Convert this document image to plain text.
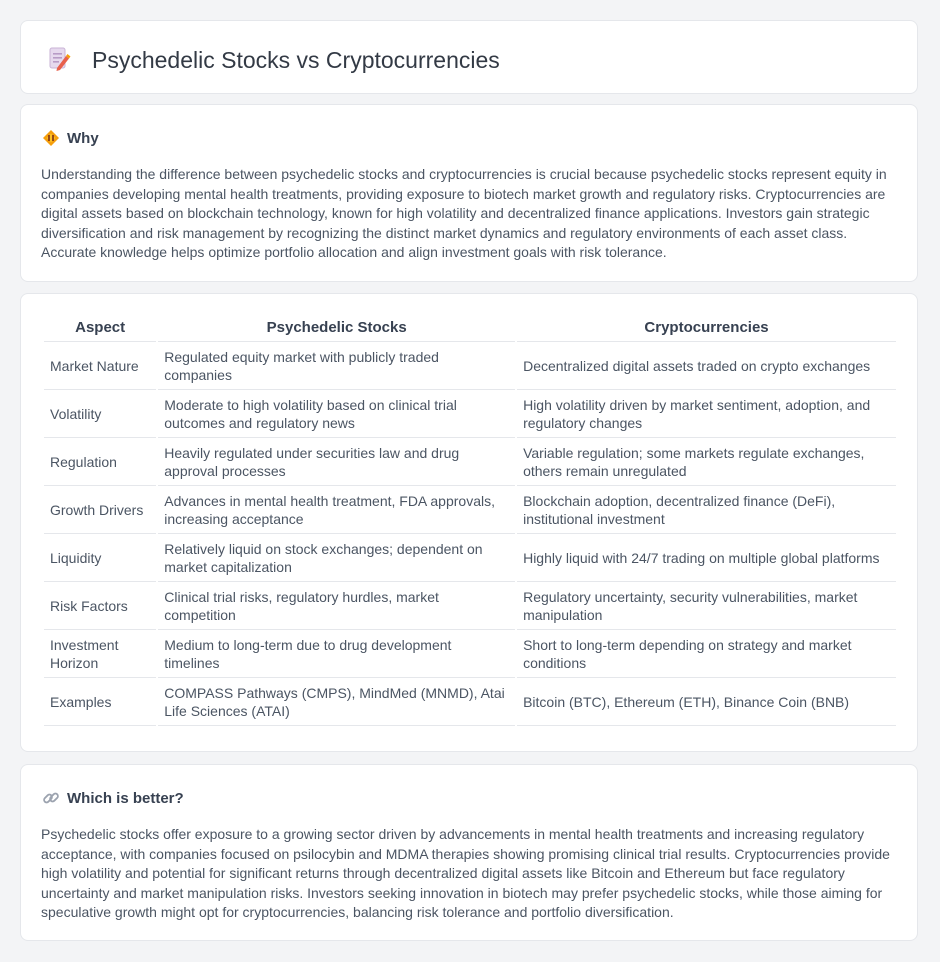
Psychedelic Stocks vs Cryptocurrencies
Why

Understanding the difference between psychedelic stocks and cryptocurrencies is crucial because psychedelic stocks represent equity in companies developing mental health treatments, providing exposure to biotech market growth and regulatory risks. Cryptocurrencies are digital assets based on blockchain technology, known for high volatility and decentralized finance applications. Investors gain strategic diversification and risk management by recognizing the distinct market dynamics and regulatory environments of each asset class. Accurate knowledge helps optimize portfolio allocation and align investment goals with risk tolerance.

Aspect	Psychedelic Stocks	Cryptocurrencies
Market Nature	Regulated equity market with publicly traded companies	Decentralized digital assets traded on crypto exchanges
Volatility	Moderate to high volatility based on clinical trial outcomes and regulatory news	High volatility driven by market sentiment, adoption, and regulatory changes
Regulation	Heavily regulated under securities law and drug approval processes	Variable regulation; some markets regulate exchanges, others remain unregulated
Growth Drivers	Advances in mental health treatment, FDA approvals, increasing acceptance	Blockchain adoption, decentralized finance (DeFi), institutional investment
Liquidity	Relatively liquid on stock exchanges; dependent on market capitalization	Highly liquid with 24/7 trading on multiple global platforms
Risk Factors	Clinical trial risks, regulatory hurdles, market competition	Regulatory uncertainty, security vulnerabilities, market manipulation
Investment Horizon	Medium to long-term due to drug development timelines	Short to long-term depending on strategy and market conditions
Examples	COMPASS Pathways (CMPS), MindMed (MNMD), Atai Life Sciences (ATAI)	Bitcoin (BTC), Ethereum (ETH), Binance Coin (BNB)
Which is better?

Psychedelic stocks offer exposure to a growing sector driven by advancements in mental health treatments and increasing regulatory acceptance, with companies focused on psilocybin and MDMA therapies showing promising clinical trial results. Cryptocurrencies provide high volatility and potential for significant returns through decentralized digital assets like Bitcoin and Ethereum but face regulatory uncertainty and market manipulation risks. Investors seeking innovation in biotech may prefer psychedelic stocks, while those aiming for speculative growth might opt for cryptocurrencies, balancing risk tolerance and portfolio diversification.
